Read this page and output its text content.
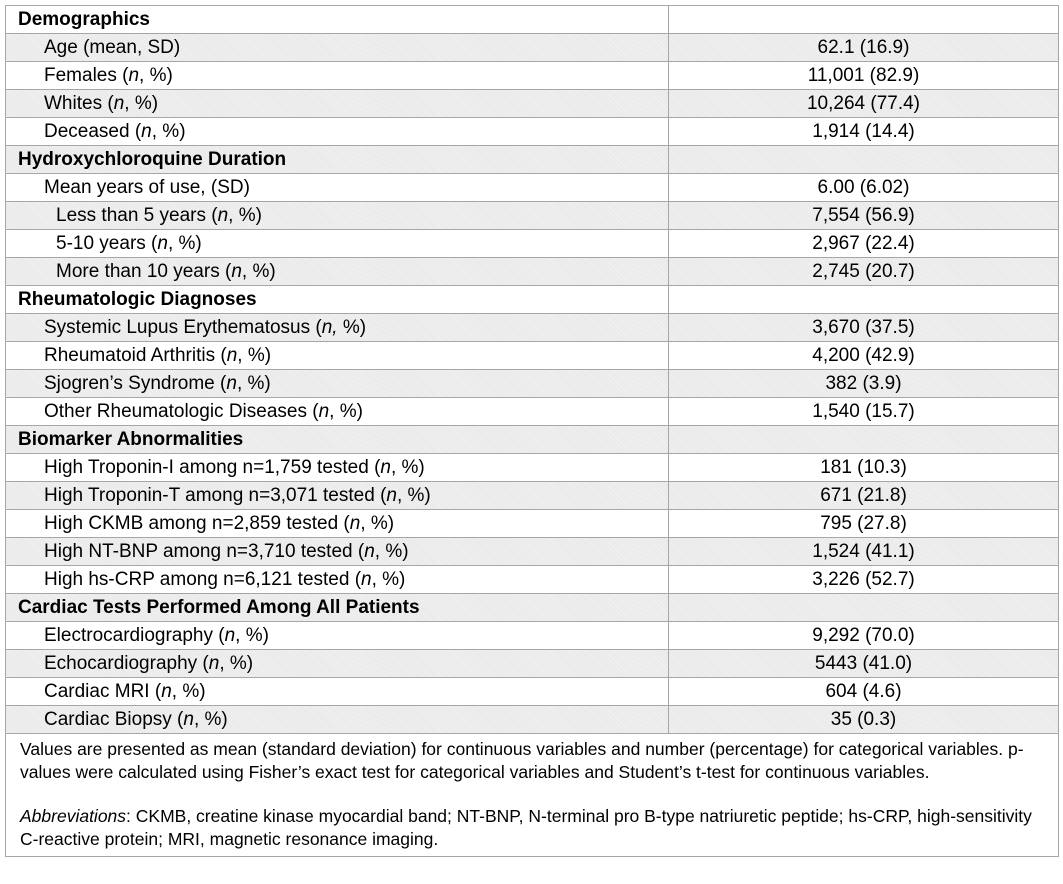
Demographics
Age (mean, SD)	62.1 (16.9)
Females (n, %)	11,001 (82.9)
Whites (n, %)	10,264 (77.4)
Deceased (n, %)	1,914 (14.4)
Hydroxychloroquine Duration
Mean years of use, (SD)	6.00 (6.02)
Less than 5 years (n, %)	7,554 (56.9)
5-10 years (n, %)	2,967 (22.4)
More than 10 years (n, %)	2,745 (20.7)
Rheumatologic Diagnoses
Systemic Lupus Erythematosus (n, %)	3,670 (37.5)
Rheumatoid Arthritis (n, %)	4,200 (42.9)
Sjogren’s Syndrome (n, %)	382 (3.9)
Other Rheumatologic Diseases (n, %)	1,540 (15.7)
Biomarker Abnormalities
High Troponin-I among n=1,759 tested (n, %)	181 (10.3)
High Troponin-T among n=3,071 tested (n, %)	671 (21.8)
High CKMB among n=2,859 tested (n, %)	795 (27.8)
High NT-BNP among n=3,710 tested (n, %)	1,524 (41.1)
High hs-CRP among n=6,121 tested (n, %)	3,226 (52.7)
Cardiac Tests Performed Among All Patients
Electrocardiography (n, %)	9,292 (70.0)
Echocardiography (n, %)	5443 (41.0)
Cardiac MRI (n, %)	604 (4.6)
Cardiac Biopsy (n, %)	35 (0.3)

Values are presented as mean (standard deviation) for continuous variables and number (percentage) for categorical variables. p-values were calculated using Fisher’s exact test for categorical variables and Student’s t-test for continuous variables.

Abbreviations: CKMB, creatine kinase myocardial band; NT-BNP, N-terminal pro B-type natriuretic peptide; hs-CRP, high-sensitivity C-reactive protein; MRI, magnetic resonance imaging.
